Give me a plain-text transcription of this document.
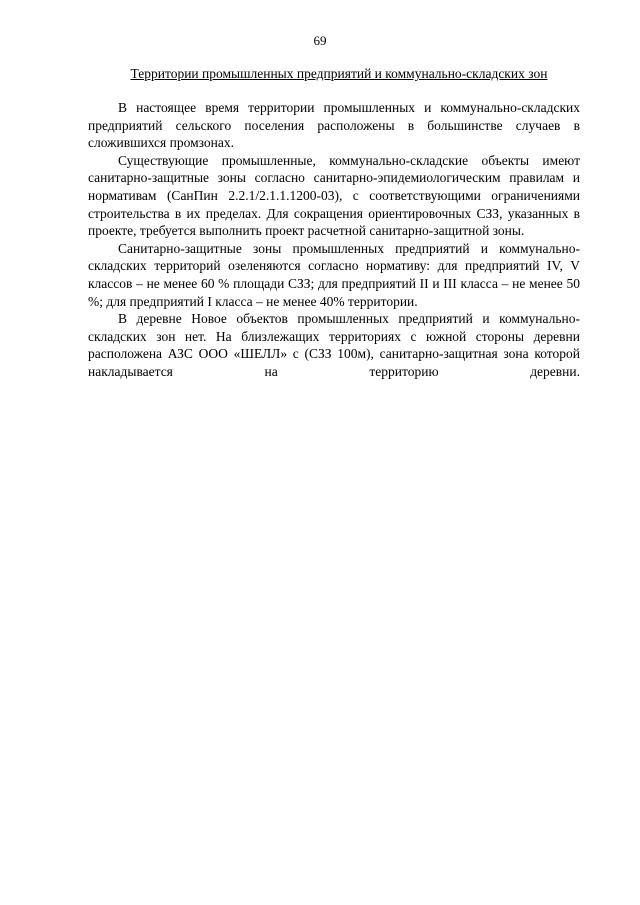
69
Территории промышленных предприятий и коммунально-складских зон

В настоящее время территории промышленных и коммунально-складских предприятий сельского поселения расположены в большинстве случаев в сложившихся промзонах.

Существующие промышленные, коммунально-складские объекты имеют санитарно-защитные зоны согласно санитарно-эпидемиологическим правилам и нормативам (СанПин 2.2.1/2.1.1.1200-03), с соответствующими ограничениями строительства в их пределах. Для сокращения ориентировочных СЗЗ, указанных в проекте, требуется выполнить проект расчетной санитарно-защитной зоны.

Санитарно-защитные зоны промышленных предприятий и коммунально-складских территорий озеленяются согласно нормативу: для предприятий IV, V классов – не менее 60 % площади СЗЗ; для предприятий II и III класса – не менее 50 %; для предприятий I класса – не менее 40% территории.

В деревне Новое объектов промышленных предприятий и коммунально-складских зон нет. На близлежащих территориях с южной стороны деревни расположена АЗС ООО «ШЕЛЛ» с (СЗЗ 100м), санитарно-защитная зона которой накладывается на территорию деревни.
